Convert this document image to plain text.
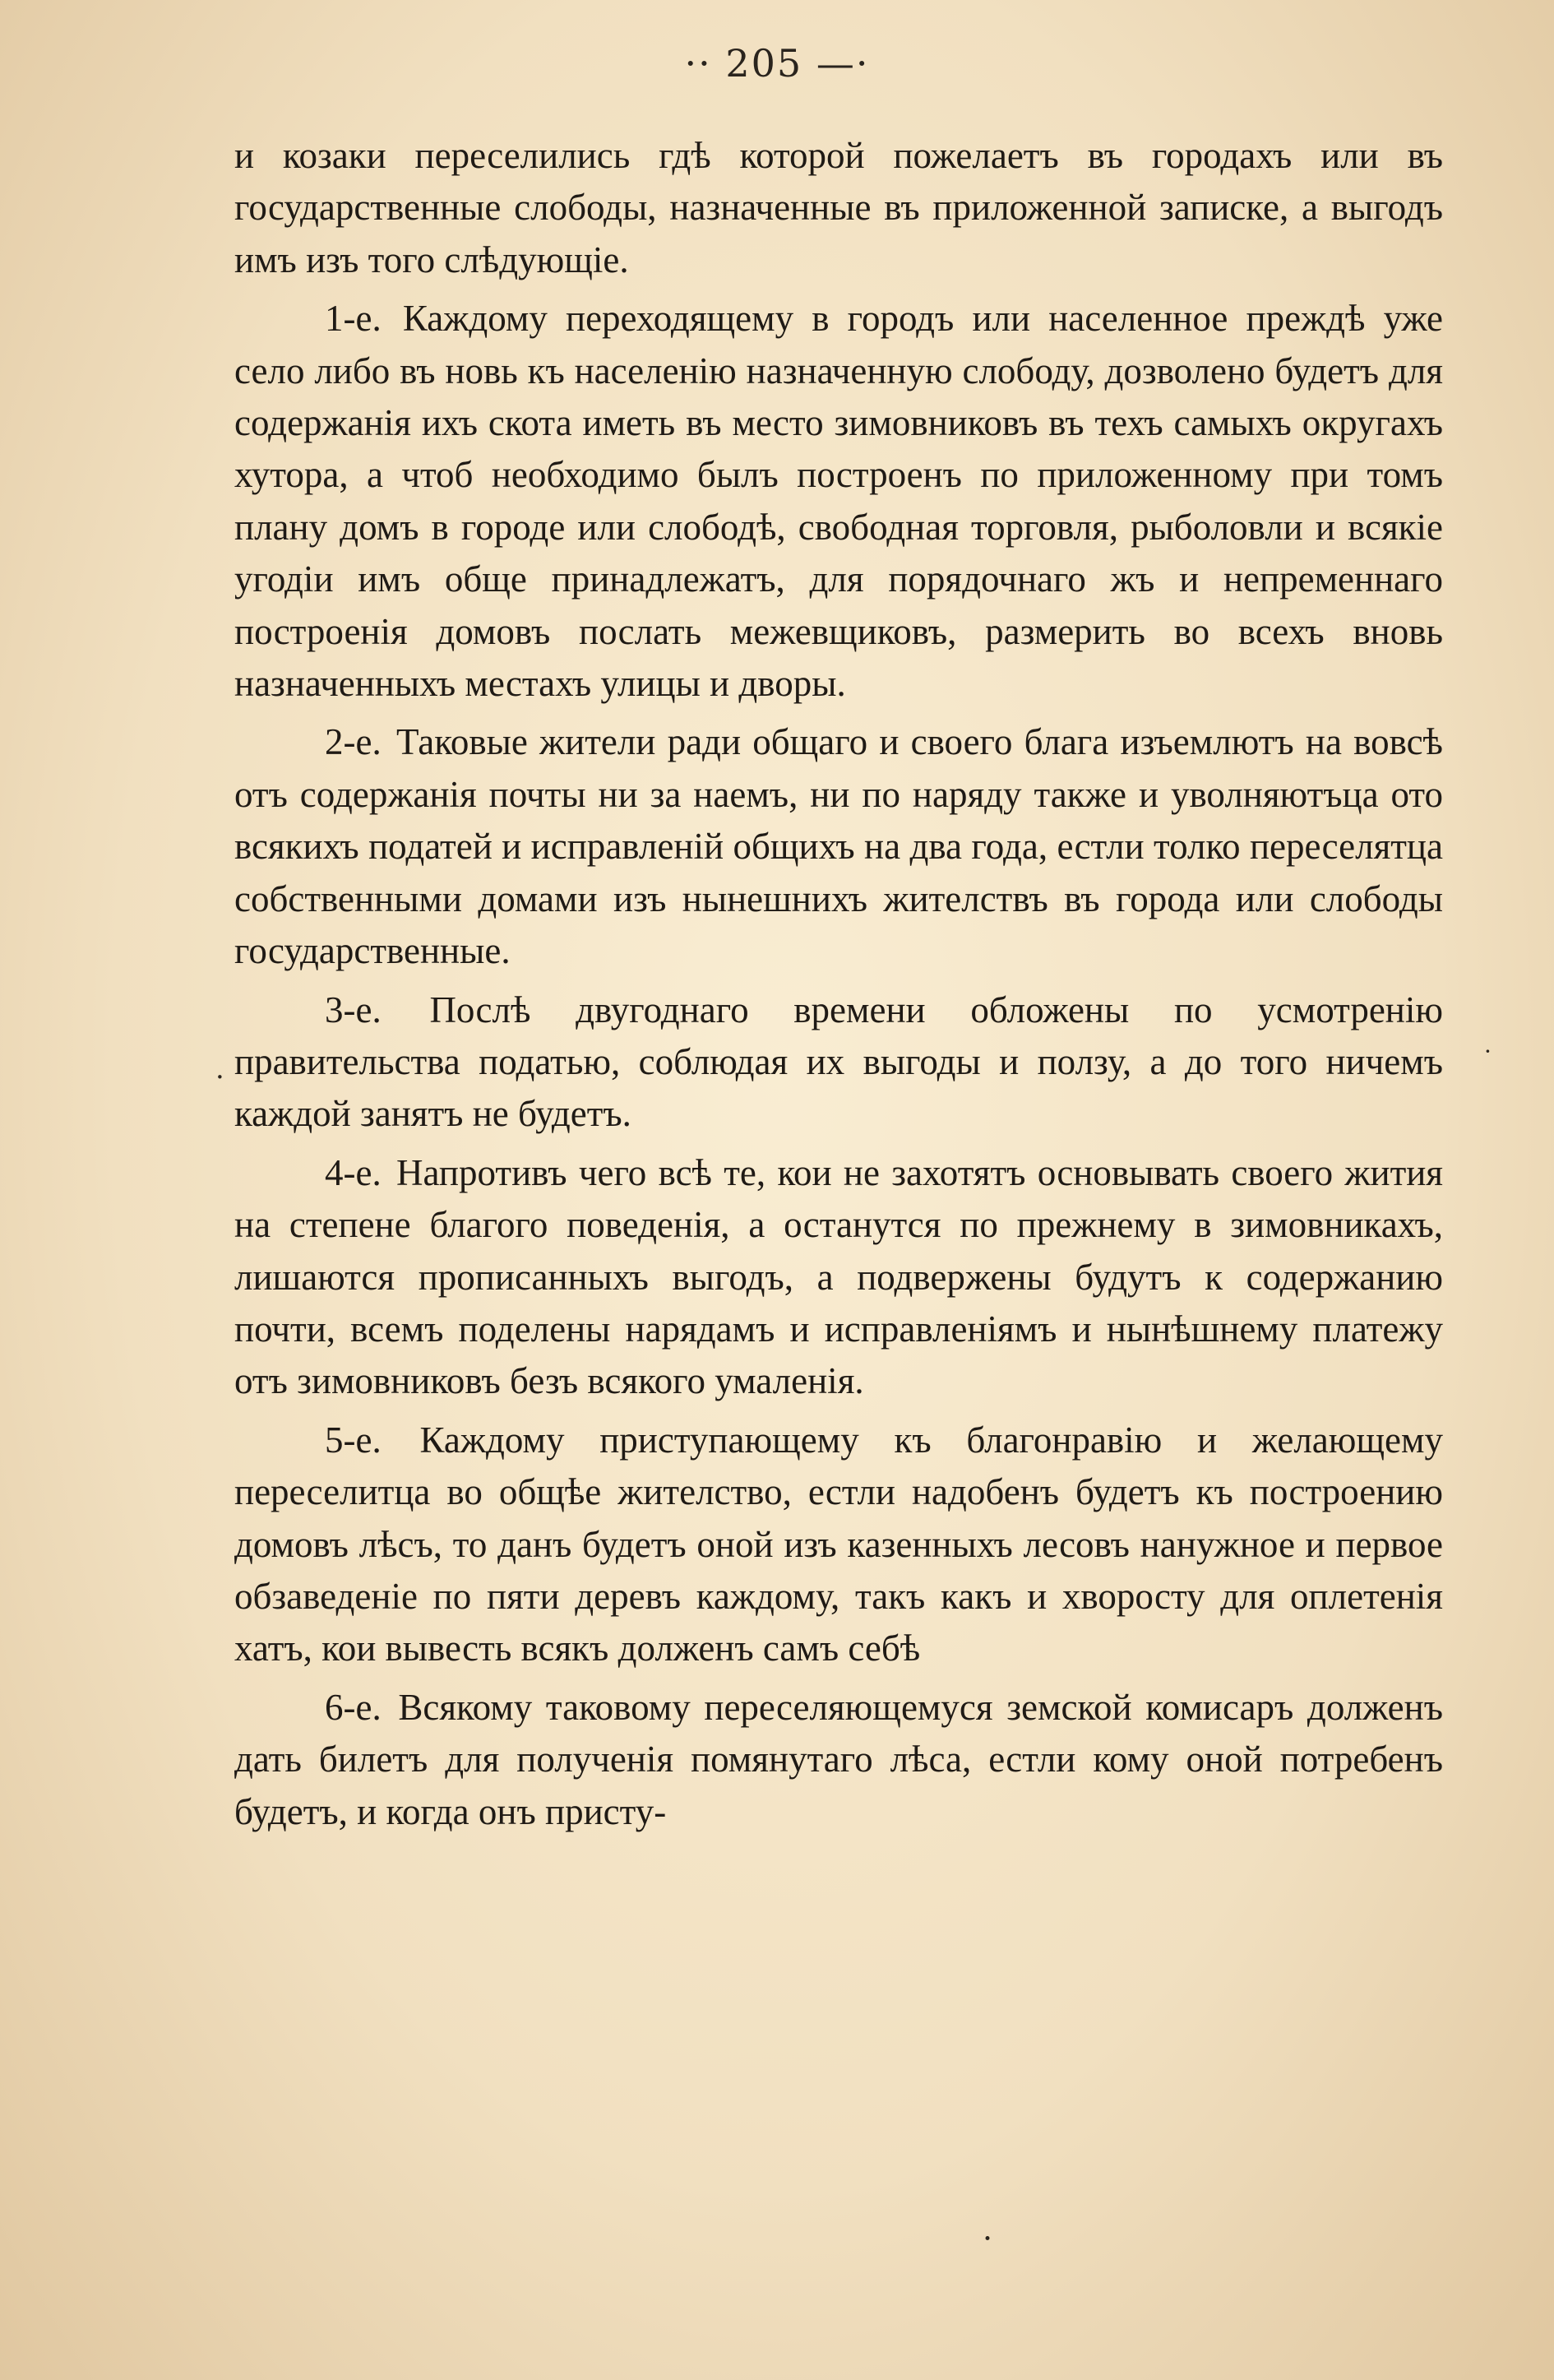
·· 205 —·

и козаки переселились гдѣ которой пожелаетъ въ городахъ или въ государственные слободы, назначенные въ приложенной записке, а выгодъ имъ изъ того слѣдующіе.

1-е. Каждому переходящему в городъ или населенное преждѣ уже село либо въ новь къ населенію назначенную слободу, дозволено будетъ для содержанія ихъ скота иметь въ место зимовниковъ въ техъ самыхъ округахъ хутора, а чтоб необходимо былъ построенъ по приложенному при томъ плану домъ в городе или слободѣ, свободная торговля, рыболовли и всякіе угодіи имъ обще принадлежатъ, для порядочнаго жъ и непременнаго построенія домовъ послать межевщиковъ, размерить во всехъ вновь назначенныхъ местахъ улицы и дворы.

2-е. Таковые жители ради общаго и своего блага изъемлютъ на вовсѣ отъ содержанія почты ни за наемъ, ни по наряду также и уволняютъца ото всякихъ податей и исправленій общихъ на два года, естли толко переселятца собственными домами изъ нынешнихъ жителствъ въ города или слободы государственные.

3-е. Послѣ двугоднаго времени обложены по усмотренію правительства податью, соблюдая их выгоды и ползу, а до того ничемъ каждой занятъ не будетъ.

4-е. Напротивъ чего всѣ те, кои не захотятъ основывать своего жития на степене благого поведенія, а останутся по прежнему в зимовникахъ, лишаются прописанныхъ выгодъ, а подвержены будутъ к содержанию почти, всемъ поделены нарядамъ и исправленіямъ и нынѣшнему платежу отъ зимовниковъ безъ всякого умаленія.

5-е. Каждому приступающему къ благонравію и желающему переселитца во общѣе жителство, естли надобенъ будетъ къ построению домовъ лѣсъ, то данъ будетъ оной изъ казенныхъ лесовъ нанужное и первое обзаведеніе по пяти деревъ каждому, такъ какъ и хворосту для оплетенія хатъ, кои вывесть всякъ долженъ самъ себѣ

6-е. Всякому таковому переселяющемуся земской комисаръ долженъ дать билетъ для полученія помянутаго лѣса, естли кому оной потребенъ будетъ, и когда онъ присту-

·
·
·
